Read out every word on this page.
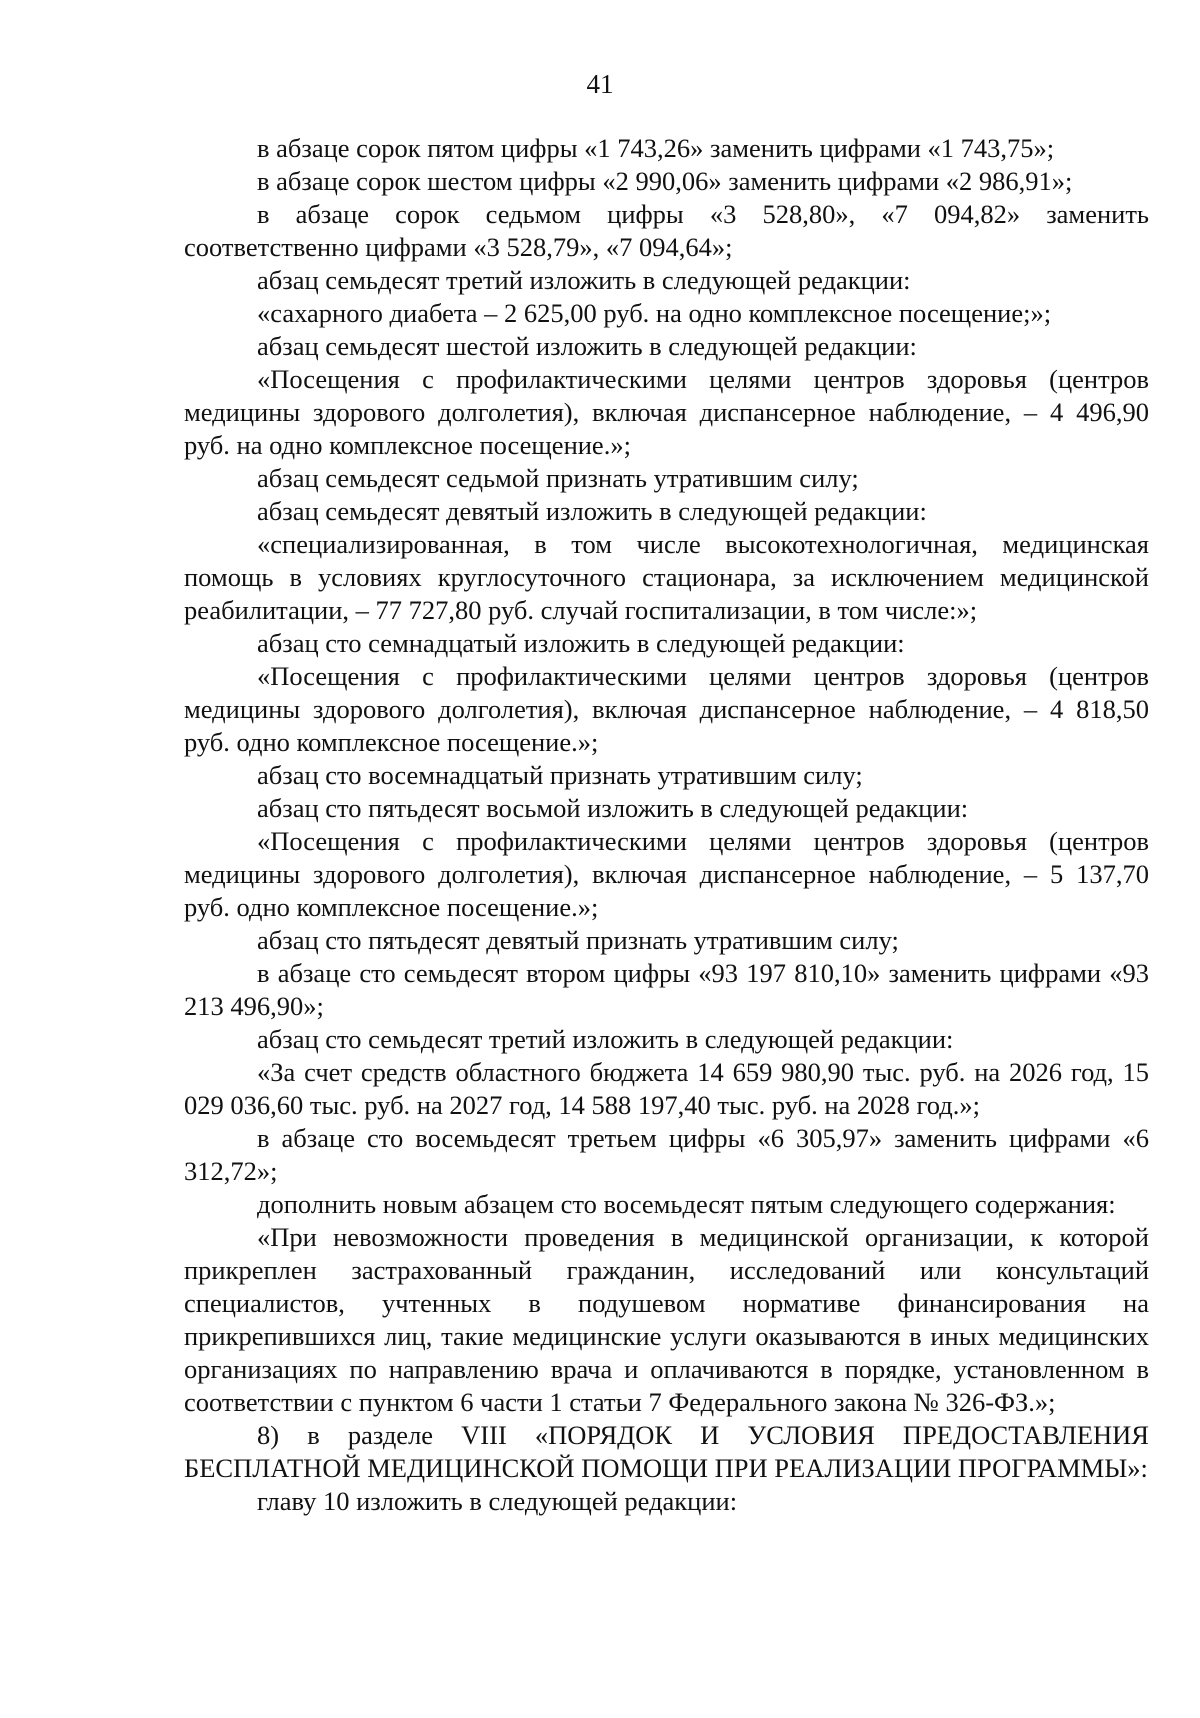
41

в абзаце сорок пятом цифры «1 743,26» заменить цифрами «1 743,75»;

в абзаце сорок шестом цифры «2 990,06» заменить цифрами «2 986,91»;

в абзаце сорок седьмом цифры «3 528,80», «7 094,82» заменить соответственно цифрами «3 528,79», «7 094,64»;

абзац семьдесят третий изложить в следующей редакции:

«сахарного диабета – 2 625,00 руб. на одно комплексное посещение;»;

абзац семьдесят шестой изложить в следующей редакции:

«Посещения с профилактическими целями центров здоровья (центров медицины здорового долголетия), включая диспансерное наблюдение, – 4 496,90 руб. на одно комплексное посещение.»;

абзац семьдесят седьмой признать утратившим силу;

абзац семьдесят девятый изложить в следующей редакции:

«специализированная, в том числе высокотехнологичная, медицинская помощь в условиях круглосуточного стационара, за исключением медицинской реабилитации, – 77 727,80 руб. случай госпитализации, в том числе:»;

абзац сто семнадцатый изложить в следующей редакции:

«Посещения с профилактическими целями центров здоровья (центров медицины здорового долголетия), включая диспансерное наблюдение, – 4 818,50 руб. одно комплексное посещение.»;

абзац сто восемнадцатый признать утратившим силу;

абзац сто пятьдесят восьмой изложить в следующей редакции:

«Посещения с профилактическими целями центров здоровья (центров медицины здорового долголетия), включая диспансерное наблюдение, – 5 137,70 руб. одно комплексное посещение.»;

абзац сто пятьдесят девятый признать утратившим силу;

в абзаце сто семьдесят втором цифры «93 197 810,10» заменить цифрами «93 213 496,90»;

абзац сто семьдесят третий изложить в следующей редакции:

«За счет средств областного бюджета 14 659 980,90 тыс. руб. на 2026 год, 15 029 036,60 тыс. руб. на 2027 год, 14 588 197,40 тыс. руб. на 2028 год.»;

в абзаце сто восемьдесят третьем цифры «6 305,97» заменить цифрами «6 312,72»;

дополнить новым абзацем сто восемьдесят пятым следующего содержания:

«При невозможности проведения в медицинской организации, к которой прикреплен застрахованный гражданин, исследований или консультаций специалистов, учтенных в подушевом нормативе финансирования на прикрепившихся лиц, такие медицинские услуги оказываются в иных медицинских организациях по направлению врача и оплачиваются в порядке, установленном в соответствии с пунктом 6 части 1 статьи 7 Федерального закона № 326-ФЗ.»;

8) в разделе VIII «ПОРЯДОК И УСЛОВИЯ ПРЕДОСТАВЛЕНИЯ БЕСПЛАТНОЙ МЕДИЦИНСКОЙ ПОМОЩИ ПРИ РЕАЛИЗАЦИИ ПРОГРАММЫ»:

главу 10 изложить в следующей редакции:
